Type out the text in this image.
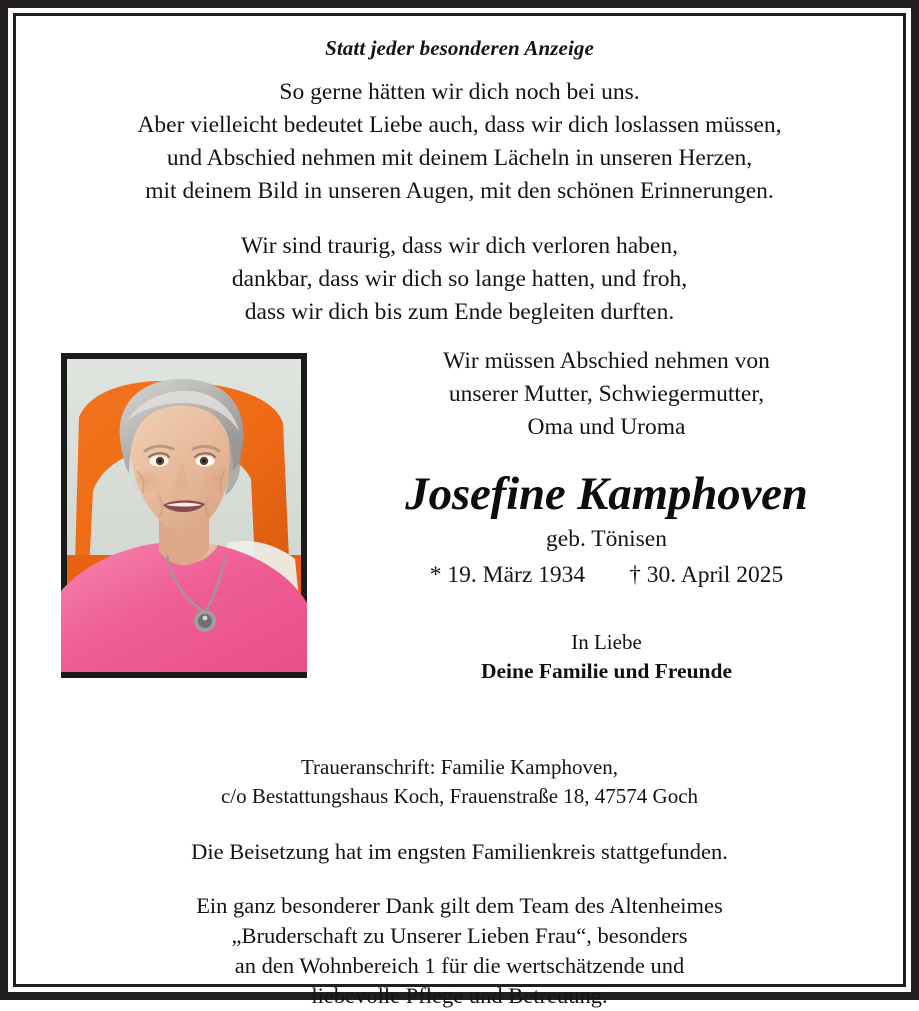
Statt jeder besonderen Anzeige
So gerne hätten wir dich noch bei uns.
Aber vielleicht bedeutet Liebe auch, dass wir dich loslassen müssen,
und Abschied nehmen mit deinem Lächeln in unseren Herzen,
mit deinem Bild in unseren Augen, mit den schönen Erinnerungen.
Wir sind traurig, dass wir dich verloren haben,
dankbar, dass wir dich so lange hatten, und froh,
dass wir dich bis zum Ende begleiten durften.
Wir müssen Abschied nehmen von
unserer Mutter, Schwiegermutter,
Oma und Uroma
Josefine Kamphoven
geb. Tönisen
* 19. März 1934 † 30. April 2025
In Liebe
Deine Familie und Freunde
Traueranschrift: Familie Kamphoven,
c/o Bestattungshaus Koch, Frauenstraße 18, 47574 Goch
Die Beisetzung hat im engsten Familienkreis stattgefunden.
Ein ganz besonderer Dank gilt dem Team des Altenheimes
„Bruderschaft zu Unserer Lieben Frau“, besonders
an den Wohnbereich 1 für die wertschätzende und
liebevolle Pflege und Betreuung.
